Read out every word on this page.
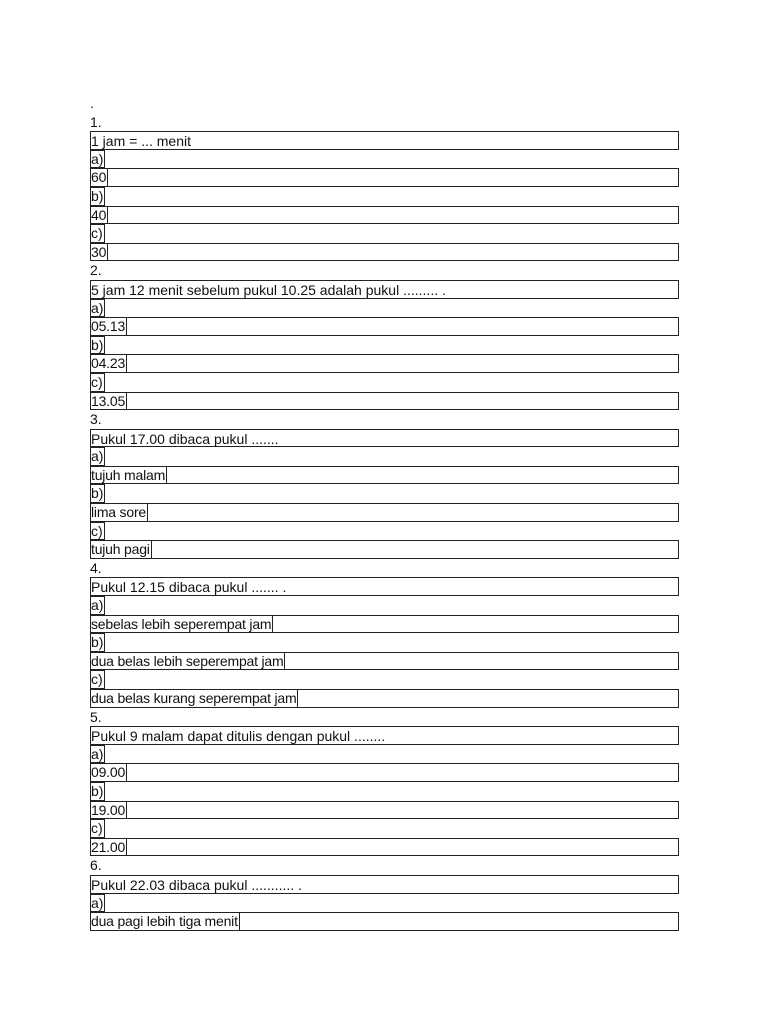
.
1.
1 jam = ... menit
a)
60
b)
40
c)
30
2.
5 jam 12 menit sebelum pukul 10.25 adalah pukul ......... .
a)
05.13
b)
04.23
c)
13.05
3.
Pukul 17.00 dibaca pukul .......
a)
tujuh malam
b)
lima sore
c)
tujuh pagi
4.
Pukul 12.15 dibaca pukul ....... .
a)
sebelas lebih seperempat jam
b)
dua belas lebih seperempat jam
c)
dua belas kurang seperempat jam
5.
Pukul 9 malam dapat ditulis dengan pukul ........
a)
09.00
b)
19.00
c)
21.00
6.
Pukul 22.03 dibaca pukul ........... .
a)
dua pagi lebih tiga menit
